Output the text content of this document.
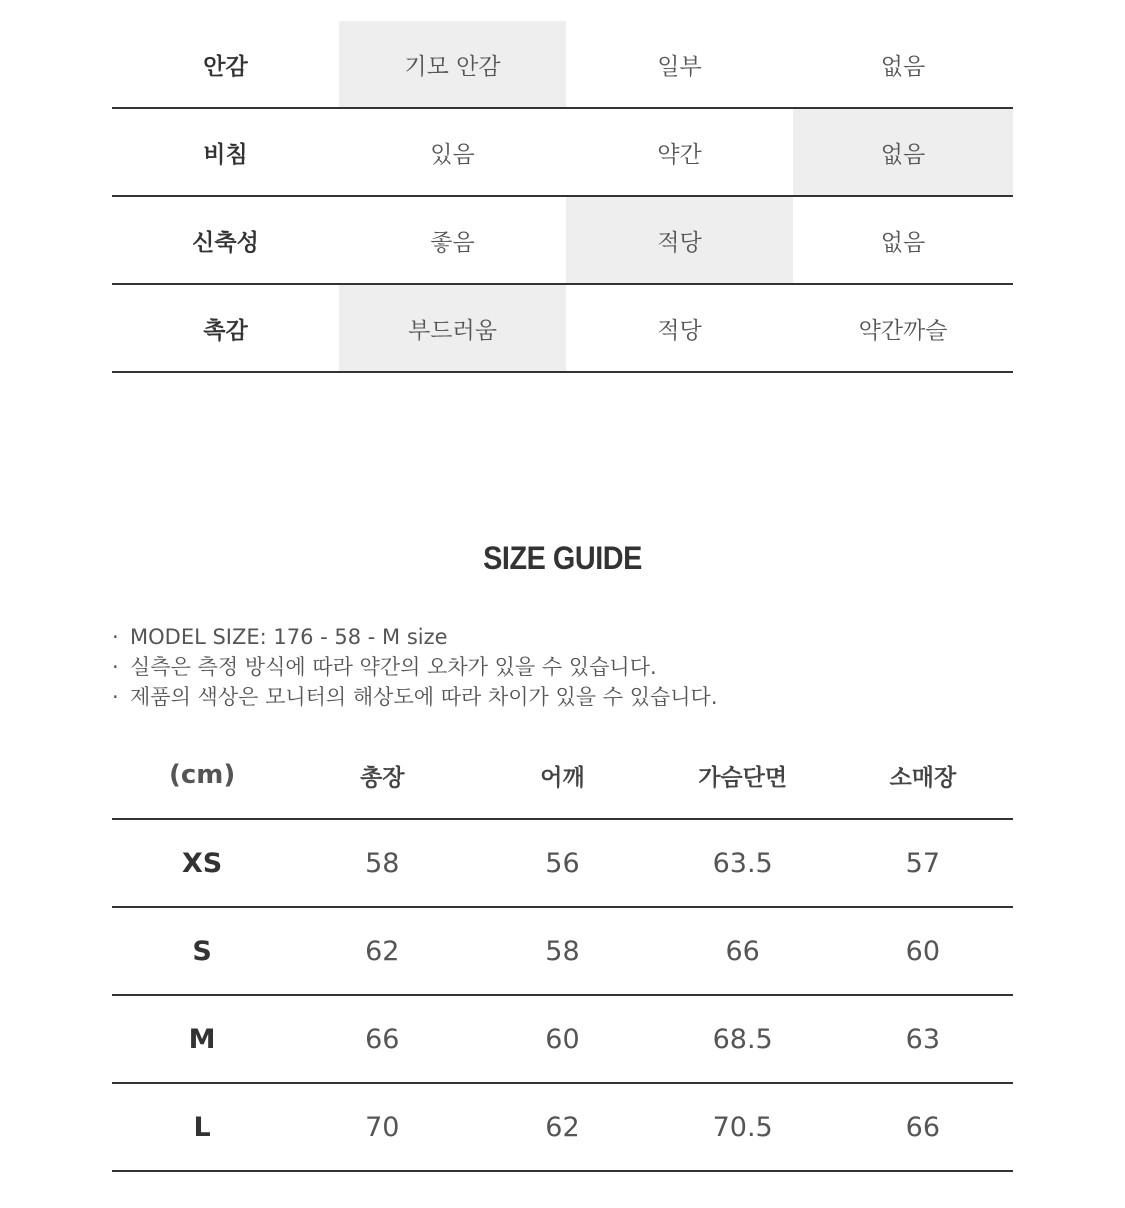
안감	기모 안감	일부	없음
비침	있음	약간	없음
신축성	좋음	적당	없음
촉감	부드러움	적당	약간까슬
SIZE GUIDE
· MODEL SIZE: 176 - 58 - M size
· 실측은 측정 방식에 따라 약간의 오차가 있을 수 있습니다.
· 제품의 색상은 모니터의 해상도에 따라 차이가 있을 수 있습니다.
(cm)	총장	어깨	가슴단면	소매장
XS	58	56	63.5	57
S	62	58	66	60
M	66	60	68.5	63
L	70	62	70.5	66
